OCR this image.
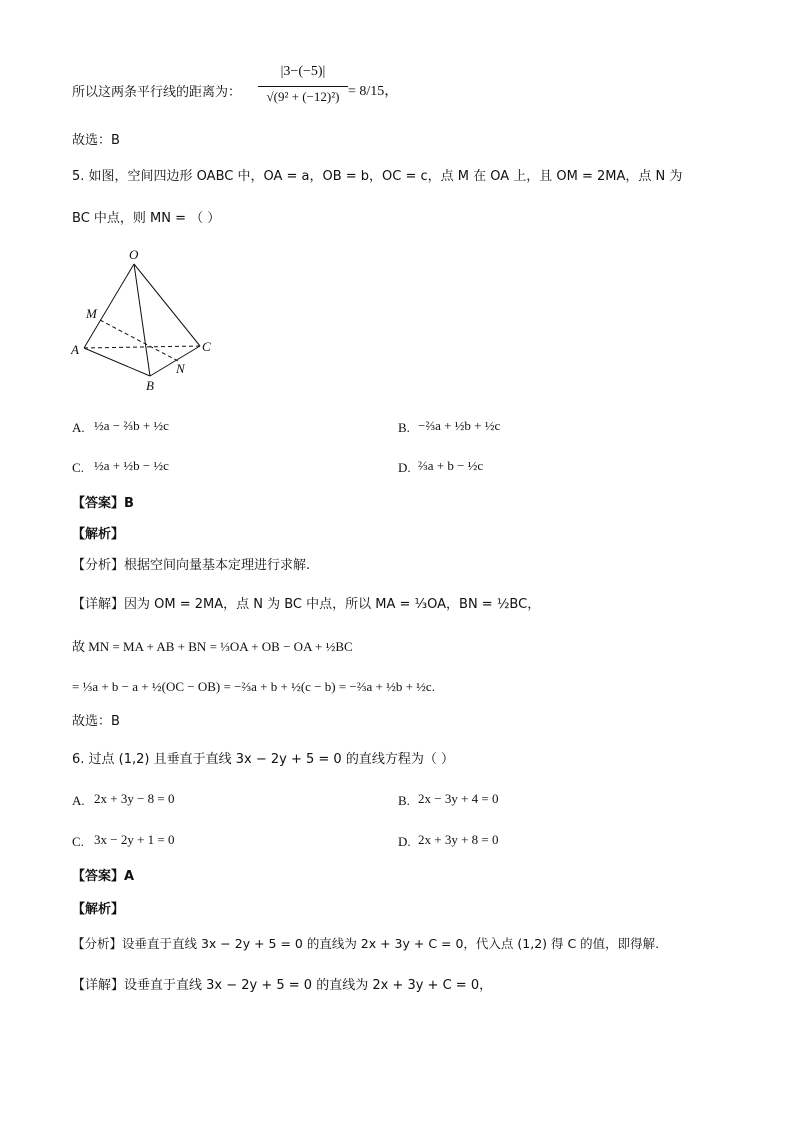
所以这两条平行线的距离为：
|3−(−5)|
√(9² + (−12)²) = 8/15，
故选：B
5. 如图，空间四边形 OABC 中，OA = a，OB = b，OC = c，点 M 在 OA 上，且 OM = 2MA，点 N 为
BC 中点，则 MN = （ ）
O
M
A
B
C
N
A. ½a − ⅔b + ½c	B. −⅔a + ½b + ½c
C. ½a + ½b − ½c	D. ⅔a + b − ½c
【答案】B
【解析】
【分析】根据空间向量基本定理进行求解.
【详解】因为 OM = 2MA，点 N 为 BC 中点，所以 MA = ⅓OA，BN = ½BC，
故 MN = MA + AB + BN = ⅓OA + OB − OA + ½BC
= ⅓a + b − a + ½(OC − OB) = −⅔a + b + ½(c − b) = −⅔a + ½b + ½c.
故选：B
6. 过点 (1,2) 且垂直于直线 3x − 2y + 5 = 0 的直线方程为（ ）
A. 2x + 3y − 8 = 0	B. 2x − 3y + 4 = 0
C. 3x − 2y + 1 = 0	D. 2x + 3y + 8 = 0
【答案】A
【解析】
【分析】设垂直于直线 3x − 2y + 5 = 0 的直线为 2x + 3y + C = 0，代入点 (1,2) 得 C 的值，即得解.
【详解】设垂直于直线 3x − 2y + 5 = 0 的直线为 2x + 3y + C = 0，
